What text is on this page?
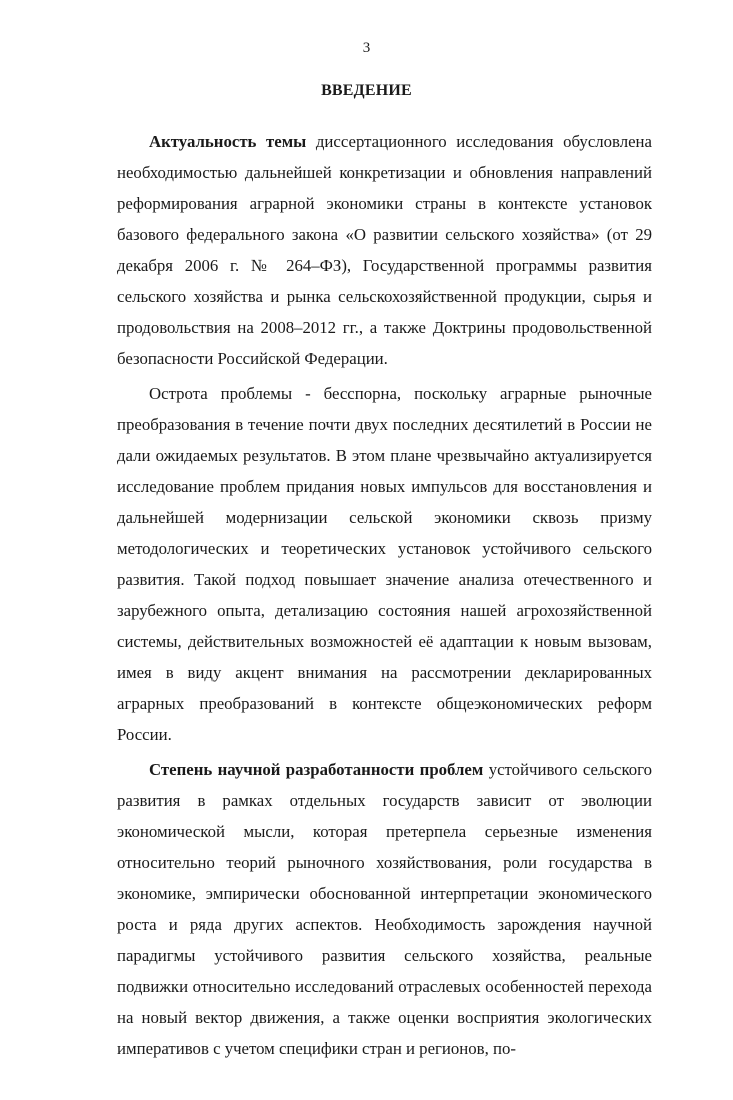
3
ВВЕДЕНИЕ

Актуальность темы диссертационного исследования обусловлена необходимостью дальнейшей конкретизации и обновления направлений реформирования аграрной экономики страны в контексте установок базового федерального закона «О развитии сельского хозяйства» (от 29 декабря 2006 г. № 264–ФЗ), Государственной программы развития сельского хозяйства и рынка сельскохозяйственной продукции, сырья и продовольствия на 2008–2012 гг., а также Доктрины продовольственной безопасности Российской Федерации.

Острота проблемы - бесспорна, поскольку аграрные рыночные преобразования в течение почти двух последних десятилетий в России не дали ожидаемых результатов. В этом плане чрезвычайно актуализируется исследование проблем придания новых импульсов для восстановления и дальнейшей модернизации сельской экономики сквозь призму методологических и теоретических установок устойчивого сельского развития. Такой подход повышает значение анализа отечественного и зарубежного опыта, детализацию состояния нашей агрохозяйственной системы, действительных возможностей её адаптации к новым вызовам, имея в виду акцент внимания на рассмотрении декларированных аграрных преобразований в контексте общеэкономических реформ России.

Степень научной разработанности проблем устойчивого сельского развития в рамках отдельных государств зависит от эволюции экономической мысли, которая претерпела серьезные изменения относительно теорий рыночного хозяйствования, роли государства в экономике, эмпирически обоснованной интерпретации экономического роста и ряда других аспектов. Необходимость зарождения научной парадигмы устойчивого развития сельского хозяйства, реальные подвижки относительно исследований отраслевых особенностей перехода на новый вектор движения, а также оценки восприятия экологических императивов с учетом специфики стран и регионов, по-
